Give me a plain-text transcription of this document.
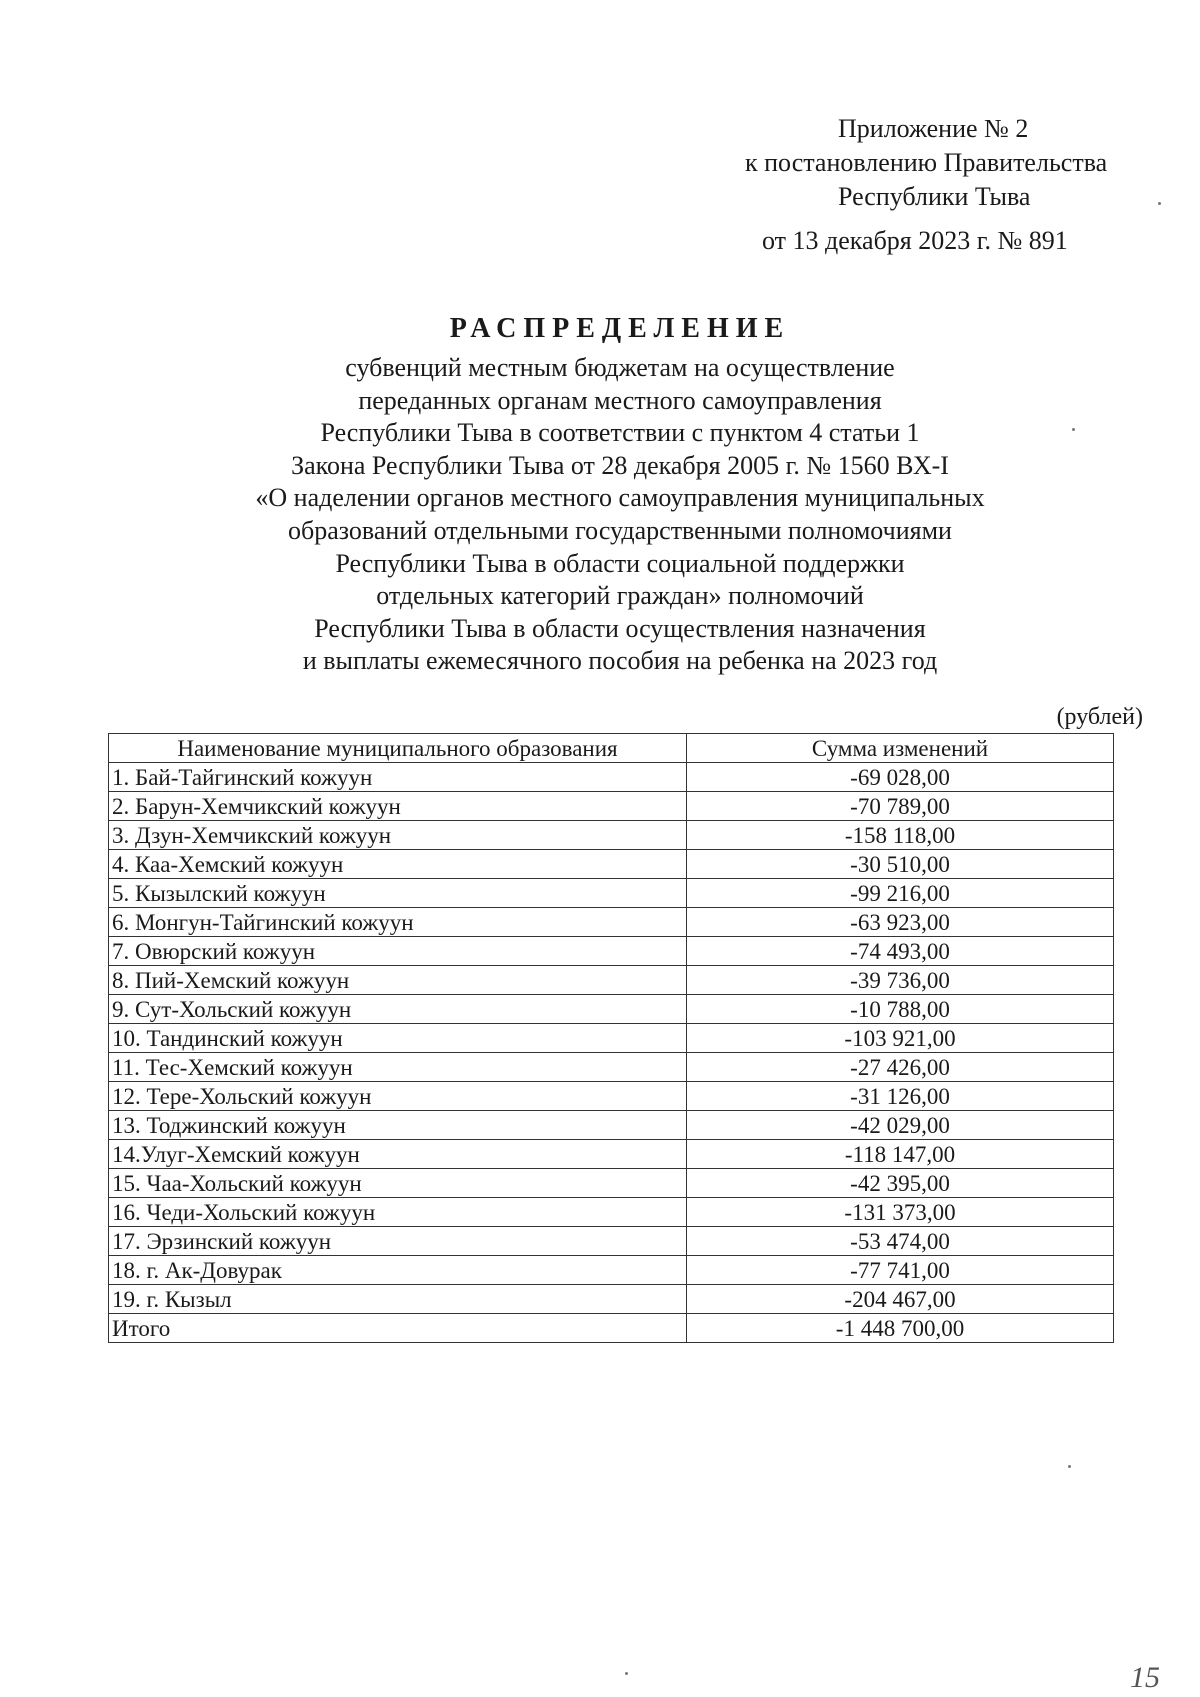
Приложение № 2
к постановлению Правительства
Республики Тыва
от 13 декабря 2023 г. № 891
РАСПРЕДЕЛЕНИЕ
субвенций местным бюджетам на осуществление
переданных органам местного самоуправления
Республики Тыва в соответствии с пунктом 4 статьи 1
Закона Республики Тыва от 28 декабря 2005 г. № 1560 ВХ-I
«О наделении органов местного самоуправления муниципальных
образований отдельными государственными полномочиями
Республики Тыва в области социальной поддержки
отдельных категорий граждан» полномочий
Республики Тыва в области осуществления назначения
и выплаты ежемесячного пособия на ребенка на 2023 год
(рублей)
Наименование муниципального образования	Сумма изменений
1. Бай-Тайгинский кожуун	-69 028,00
2. Барун-Хемчикский кожуун	-70 789,00
3. Дзун-Хемчикский кожуун	-158 118,00
4. Каа-Хемский кожуун	-30 510,00
5. Кызылский кожуун	-99 216,00
6. Монгун-Тайгинский кожуун	-63 923,00
7. Овюрский кожуун	-74 493,00
8. Пий-Хемский кожуун	-39 736,00
9. Сут-Хольский кожуун	-10 788,00
10. Тандинский кожуун	-103 921,00
11. Тес-Хемский кожуун	-27 426,00
12. Тере-Хольский кожуун	-31 126,00
13. Тоджинский кожуун	-42 029,00
14.Улуг-Хемский кожуун	-118 147,00
15. Чаа-Хольский кожуун	-42 395,00
16. Чеди-Хольский кожуун	-131 373,00
17. Эрзинский кожуун	-53 474,00
18. г. Ак-Довурак	-77 741,00
19. г. Кызыл	-204 467,00
Итого	-1 448 700,00
15
